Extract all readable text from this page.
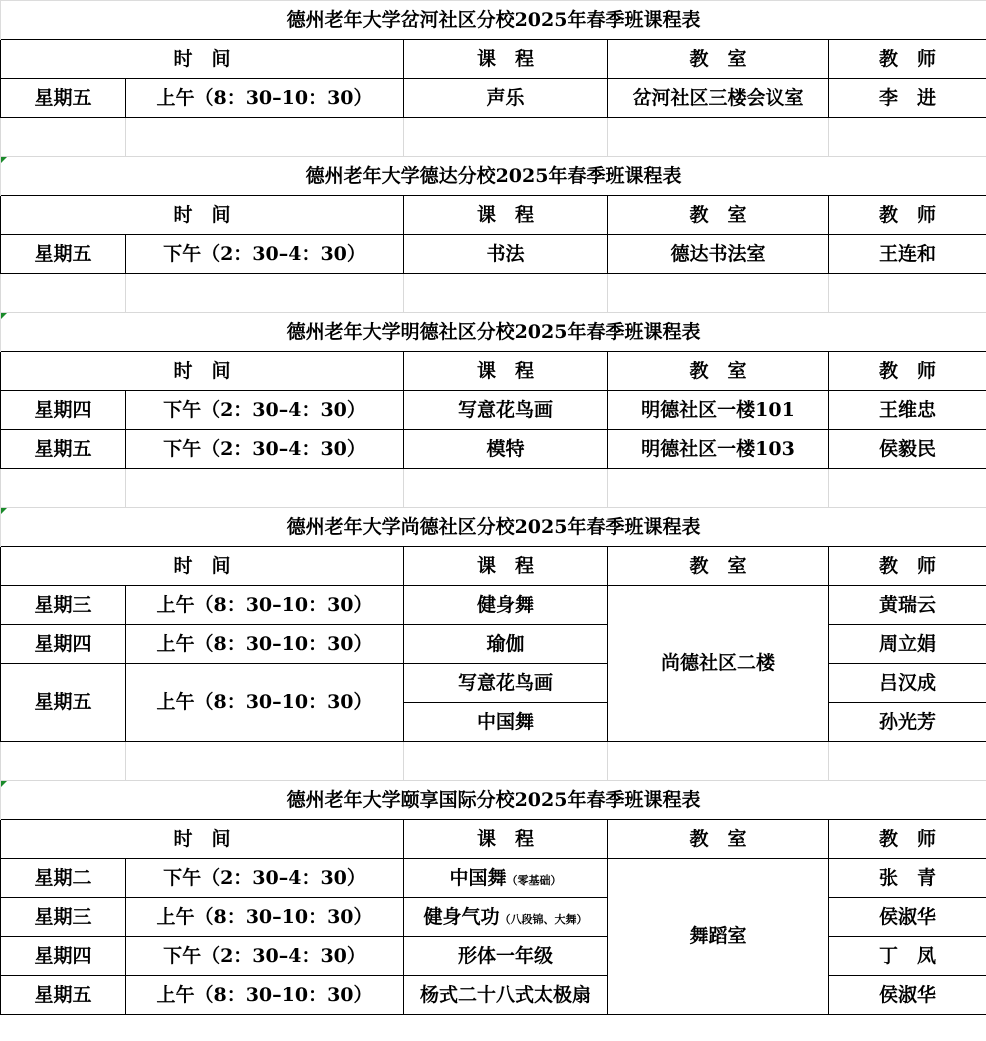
德州老年大学岔河社区分校2025年春季班课程表				
时　间		课　程	教　室	教　师
星期五	上午（8：30–10：30）	声乐	岔河社区三楼会议室	李　进

德州老年大学德达分校2025年春季班课程表				
时　间		课　程	教　室	教　师
星期五	下午（2：30–4：30）	书法	德达书法室	王连和

德州老年大学明德社区分校2025年春季班课程表				
时　间		课　程	教　室	教　师
星期四	下午（2：30–4：30）	写意花鸟画	明德社区一楼101	王维忠
星期五	下午（2：30–4：30）	模特	明德社区一楼103	侯毅民

德州老年大学尚德社区分校2025年春季班课程表				
时　间		课　程	教　室	教　师
星期三	上午（8：30–10：30）	健身舞	尚德社区二楼	黄瑞云
星期四	上午（8：30–10：30）	瑜伽		周立娟
星期五	上午（8：30–10：30）	写意花鸟画		吕汉成
		中国舞		孙光芳

德州老年大学颐享国际分校2025年春季班课程表				
时　间		课　程	教　室	教　师
星期二	下午（2：30–4：30）	中国舞（零基础）	舞蹈室	张　青
星期三	上午（8：30–10：30）	健身气功（八段锦、大舞）		侯淑华
星期四	下午（2：30–4：30）	形体一年级		丁　凤
星期五	上午（8：30–10：30）	杨式二十八式太极扇		侯淑华
